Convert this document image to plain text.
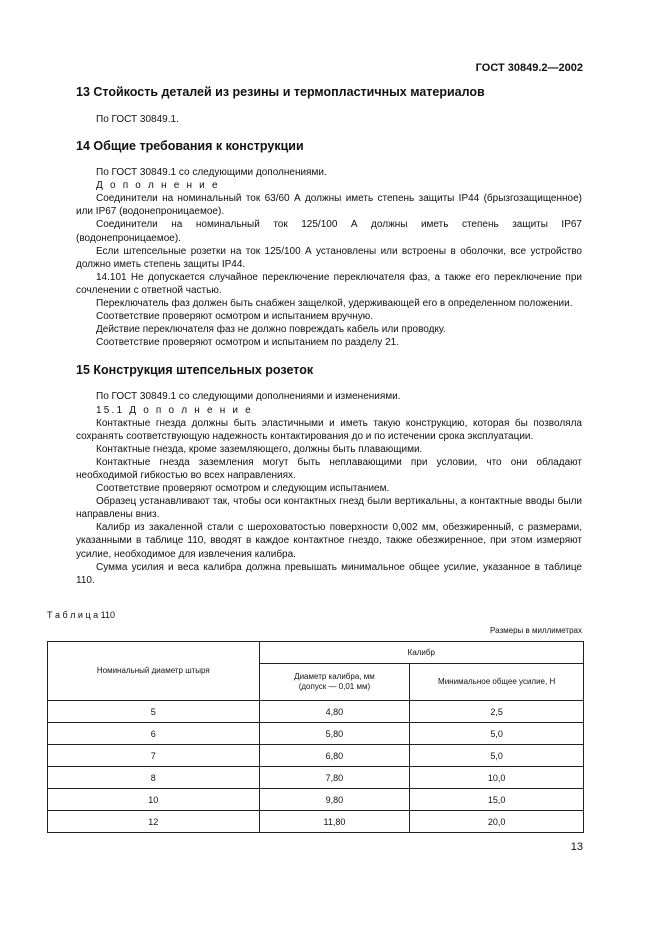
ГОСТ 30849.2—2002
13 Стойкость деталей из резины и термопластичных материалов

По ГОСТ 30849.1.

14 Общие требования к конструкции

По ГОСТ 30849.1 со следующими дополнениями.

Д о п о л н е н и е

Соединители на номинальный ток 63/60 А должны иметь степень защиты IP44 (брызгозащищенное) или IP67 (водонепроницаемое).

Соединители на номинальный ток 125/100 А должны иметь степень защиты IP67 (водонепроницаемое).

Если штепсельные розетки на ток 125/100 А установлены или встроены в оболочки, все устройство должно иметь степень защиты IP44.

14.101 Не допускается случайное переключение переключателя фаз, а также его переключение при сочленении с ответной частью.

Переключатель фаз должен быть снабжен защелкой, удерживающей его в определенном положении.

Соответствие проверяют осмотром и испытанием вручную.

Действие переключателя фаз не должно повреждать кабель или проводку.

Соответствие проверяют осмотром и испытанием по разделу 21.

15 Конструкция штепсельных розеток

По ГОСТ 30849.1 со следующими дополнениями и изменениями.

15.1 Д о п о л н е н и е

Контактные гнезда должны быть эластичными и иметь такую конструкцию, которая бы позволяла сохранять соответствующую надежность контактирования до и по истечении срока эксплуатации.

Контактные гнезда, кроме заземляющего, должны быть плавающими.

Контактные гнезда заземления могут быть неплавающими при условии, что они обладают необходимой гибкостью во всех направлениях.

Соответствие проверяют осмотром и следующим испытанием.

Образец устанавливают так, чтобы оси контактных гнезд были вертикальны, а контактные вводы были направлены вниз.

Калибр из закаленной стали с шероховатостью поверхности 0,002 мм, обезжиренный, с размерами, указанными в таблице 110, вводят в каждое контактное гнездо, также обезжиренное, при этом измеряют усилие, необходимое для извлечения калибра.

Сумма усилия и веса калибра должна превышать минимальное общее усилие, указанное в таблице 110.

Т а б л и ц а 110
Размеры в миллиметрах
Номинальный диаметр штыря	Калибр	

	Диаметр калибра, мм
(допуск — 0,01 мм)	Минимальное общее усилие, Н
5	4,80	2,5
6	5,80	5,0
7	6,80	5,0
8	7,80	10,0
10	9,80	15,0
12	11,80	20,0
13
